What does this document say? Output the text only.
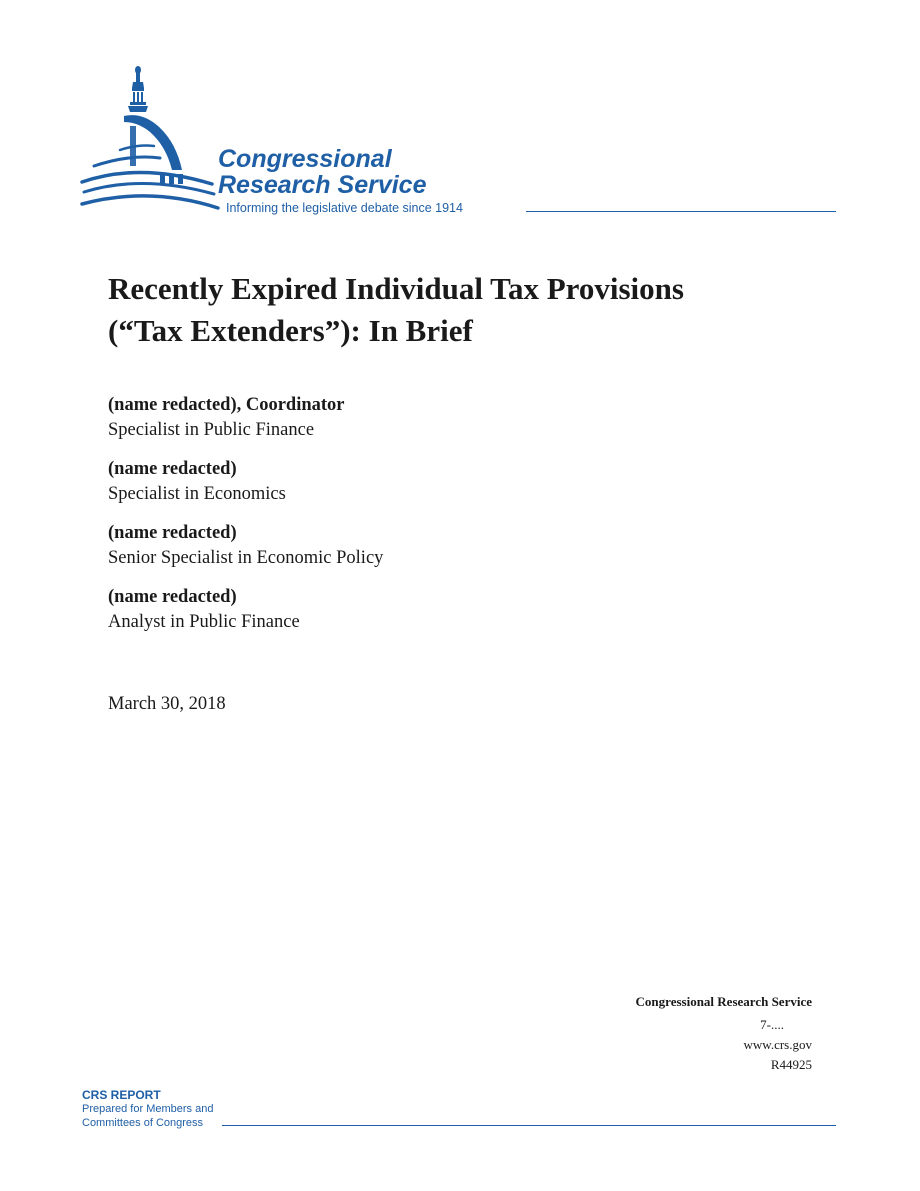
Congressional
Research Service
Informing the legislative debate since 1914
Recently Expired Individual Tax Provisions
(“Tax Extenders”): In Brief
(name redacted), Coordinator
Specialist in Public Finance
(name redacted)
Specialist in Economics
(name redacted)
Senior Specialist in Economic Policy
(name redacted)
Analyst in Public Finance
March 30, 2018
Congressional Research Service
7-....
www.crs.gov
R44925
CRS REPORT
Prepared for Members and
Committees of Congress
